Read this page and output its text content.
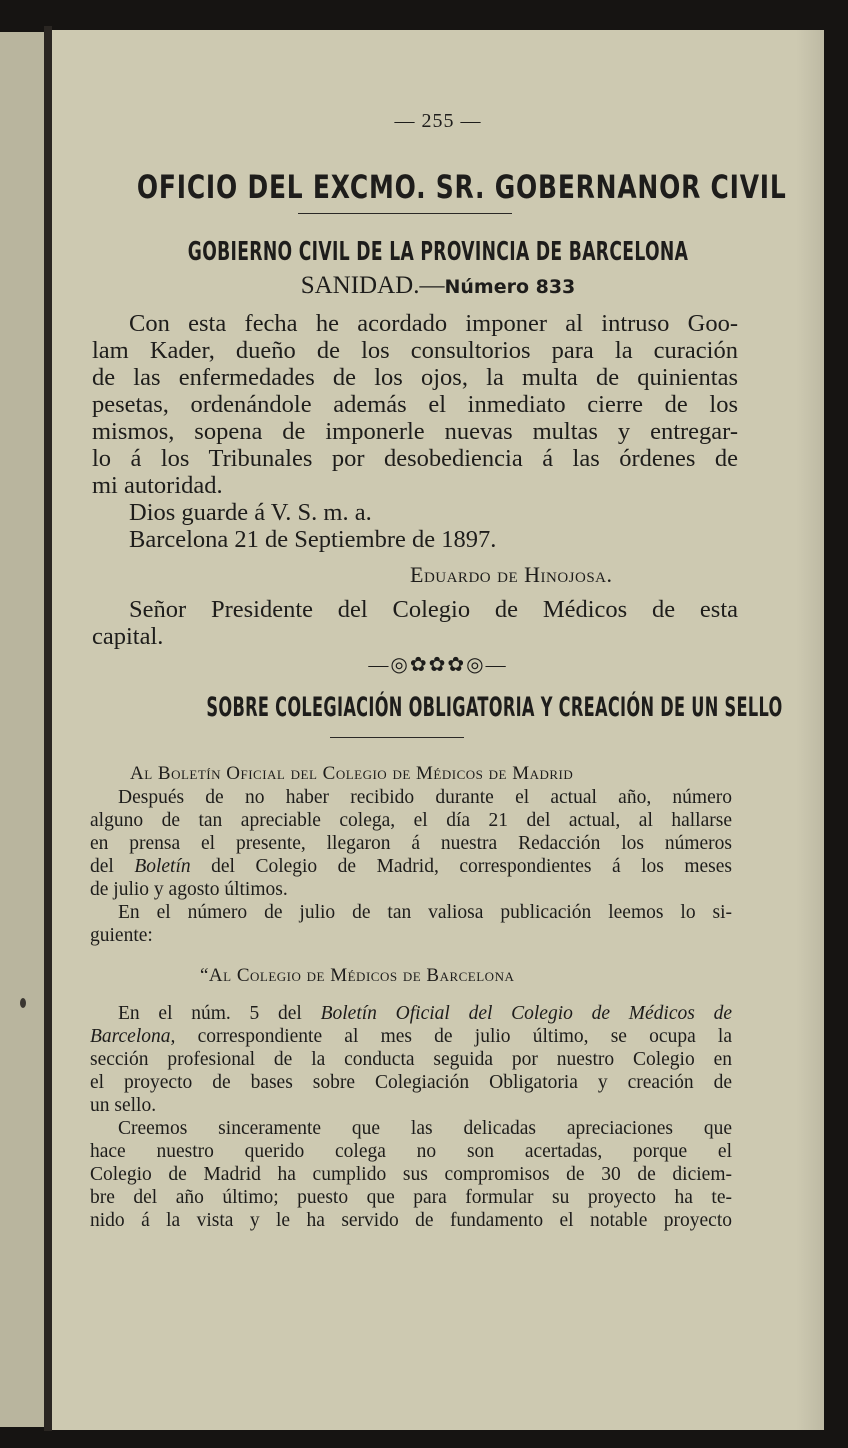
— 255 —
OFICIO DEL EXCMO. SR. GOBERNANOR CIVIL
GOBIERNO CIVIL DE LA PROVINCIA DE BARCELONA
SANIDAD.—Número 833
Con esta fecha he acordado imponer al intruso Goo-
lam Kader, dueño de los consultorios para la curación
de las enfermedades de los ojos, la multa de quinientas
pesetas, ordenándole además el inmediato cierre de los
mismos, sopena de imponerle nuevas multas y entregar-
lo á los Tribunales por desobediencia á las órdenes de
mi autoridad.
Dios guarde á V. S. m. a.
Barcelona 21 de Septiembre de 1897.
Eduardo de Hinojosa.
Señor Presidente del Colegio de Médicos de esta
capital.
—◎✿✿✿◎—
SOBRE COLEGIACIÓN OBLIGATORIA Y CREACIÓN DE UN SELLO
Al Boletín Oficial del Colegio de Médicos de Madrid
Después de no haber recibido durante el actual año, número
alguno de tan apreciable colega, el día 21 del actual, al hallarse
en prensa el presente, llegaron á nuestra Redacción los números
del Boletín del Colegio de Madrid, correspondientes á los meses
de julio y agosto últimos.
En el número de julio de tan valiosa publicación leemos lo si-
guiente:
“Al Colegio de Médicos de Barcelona
En el núm. 5 del Boletín Oficial del Colegio de Médicos de
Barcelona, correspondiente al mes de julio último, se ocupa la
sección profesional de la conducta seguida por nuestro Colegio en
el proyecto de bases sobre Colegiación Obligatoria y creación de
un sello.
Creemos sinceramente que las delicadas apreciaciones que
hace nuestro querido colega no son acertadas, porque el
Colegio de Madrid ha cumplido sus compromisos de 30 de diciem-
bre del año último; puesto que para formular su proyecto ha te-
nido á la vista y le ha servido de fundamento el notable proyecto
